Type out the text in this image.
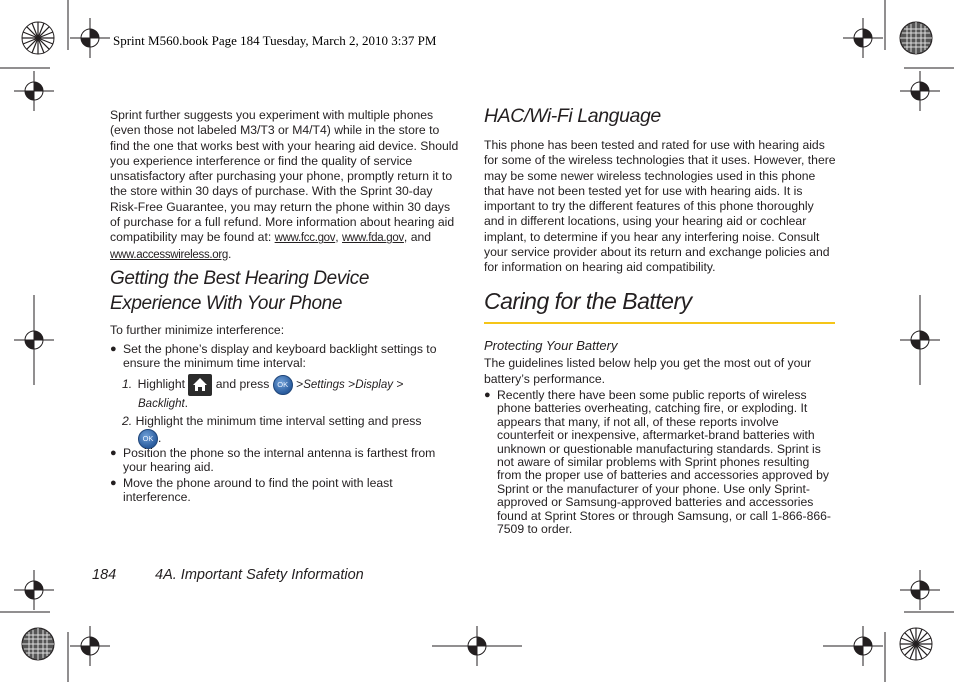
Sprint M560.book Page 184 Tuesday, March 2, 2010 3:37 PM
Sprint further suggests you experiment with multiple phones (even those not labeled M3/T3 or M4/T4) while in the store to find the one that works best with your hearing aid device. Should you experience interference or find the quality of service unsatisfactory after purchasing your phone, promptly return it to the store within 30 days of purchase. With the Sprint 30-day Risk-Free Guarantee, you may return the phone within 30 days of purchase for a full refund. More information about hearing aid compatibility may be found at: www.fcc.gov, www.fda.gov, and www.accesswireless.org.
Getting the Best Hearing Device
Experience With Your Phone
To further minimize interference:
● Set the phone’s display and keyboard backlight settings to ensure the minimum time interval:
1. Highlight	and press OK >Settings >Display >
Backlight.
2. Highlight the minimum time interval setting and press
OK .
● Position the phone so the internal antenna is farthest from your hearing aid.
● Move the phone around to find the point with least interference.
HAC/Wi-Fi Language
This phone has been tested and rated for use with hearing aids for some of the wireless technologies that it uses. However, there may be some newer wireless technologies used in this phone that have not been tested yet for use with hearing aids. It is important to try the different features of this phone thoroughly and in different locations, using your hearing aid or cochlear implant, to determine if you hear any interfering noise. Consult your service provider about its return and exchange policies and for information on hearing aid compatibility.
Caring for the Battery
Protecting Your Battery
The guidelines listed below help you get the most out of your battery’s performance.
● Recently there have been some public reports of wireless phone batteries overheating, catching fire, or exploding. It appears that many, if not all, of these reports involve counterfeit or inexpensive, aftermarket-brand batteries with unknown or questionable manufacturing standards. Sprint is not aware of similar problems with Sprint phones resulting from the proper use of batteries and accessories approved by Sprint or the manufacturer of your phone. Use only Sprint-approved or Samsung-approved batteries and accessories found at Sprint Stores or through Samsung, or call 1-866-866-7509 to order.
184	4A. Important Safety Information
